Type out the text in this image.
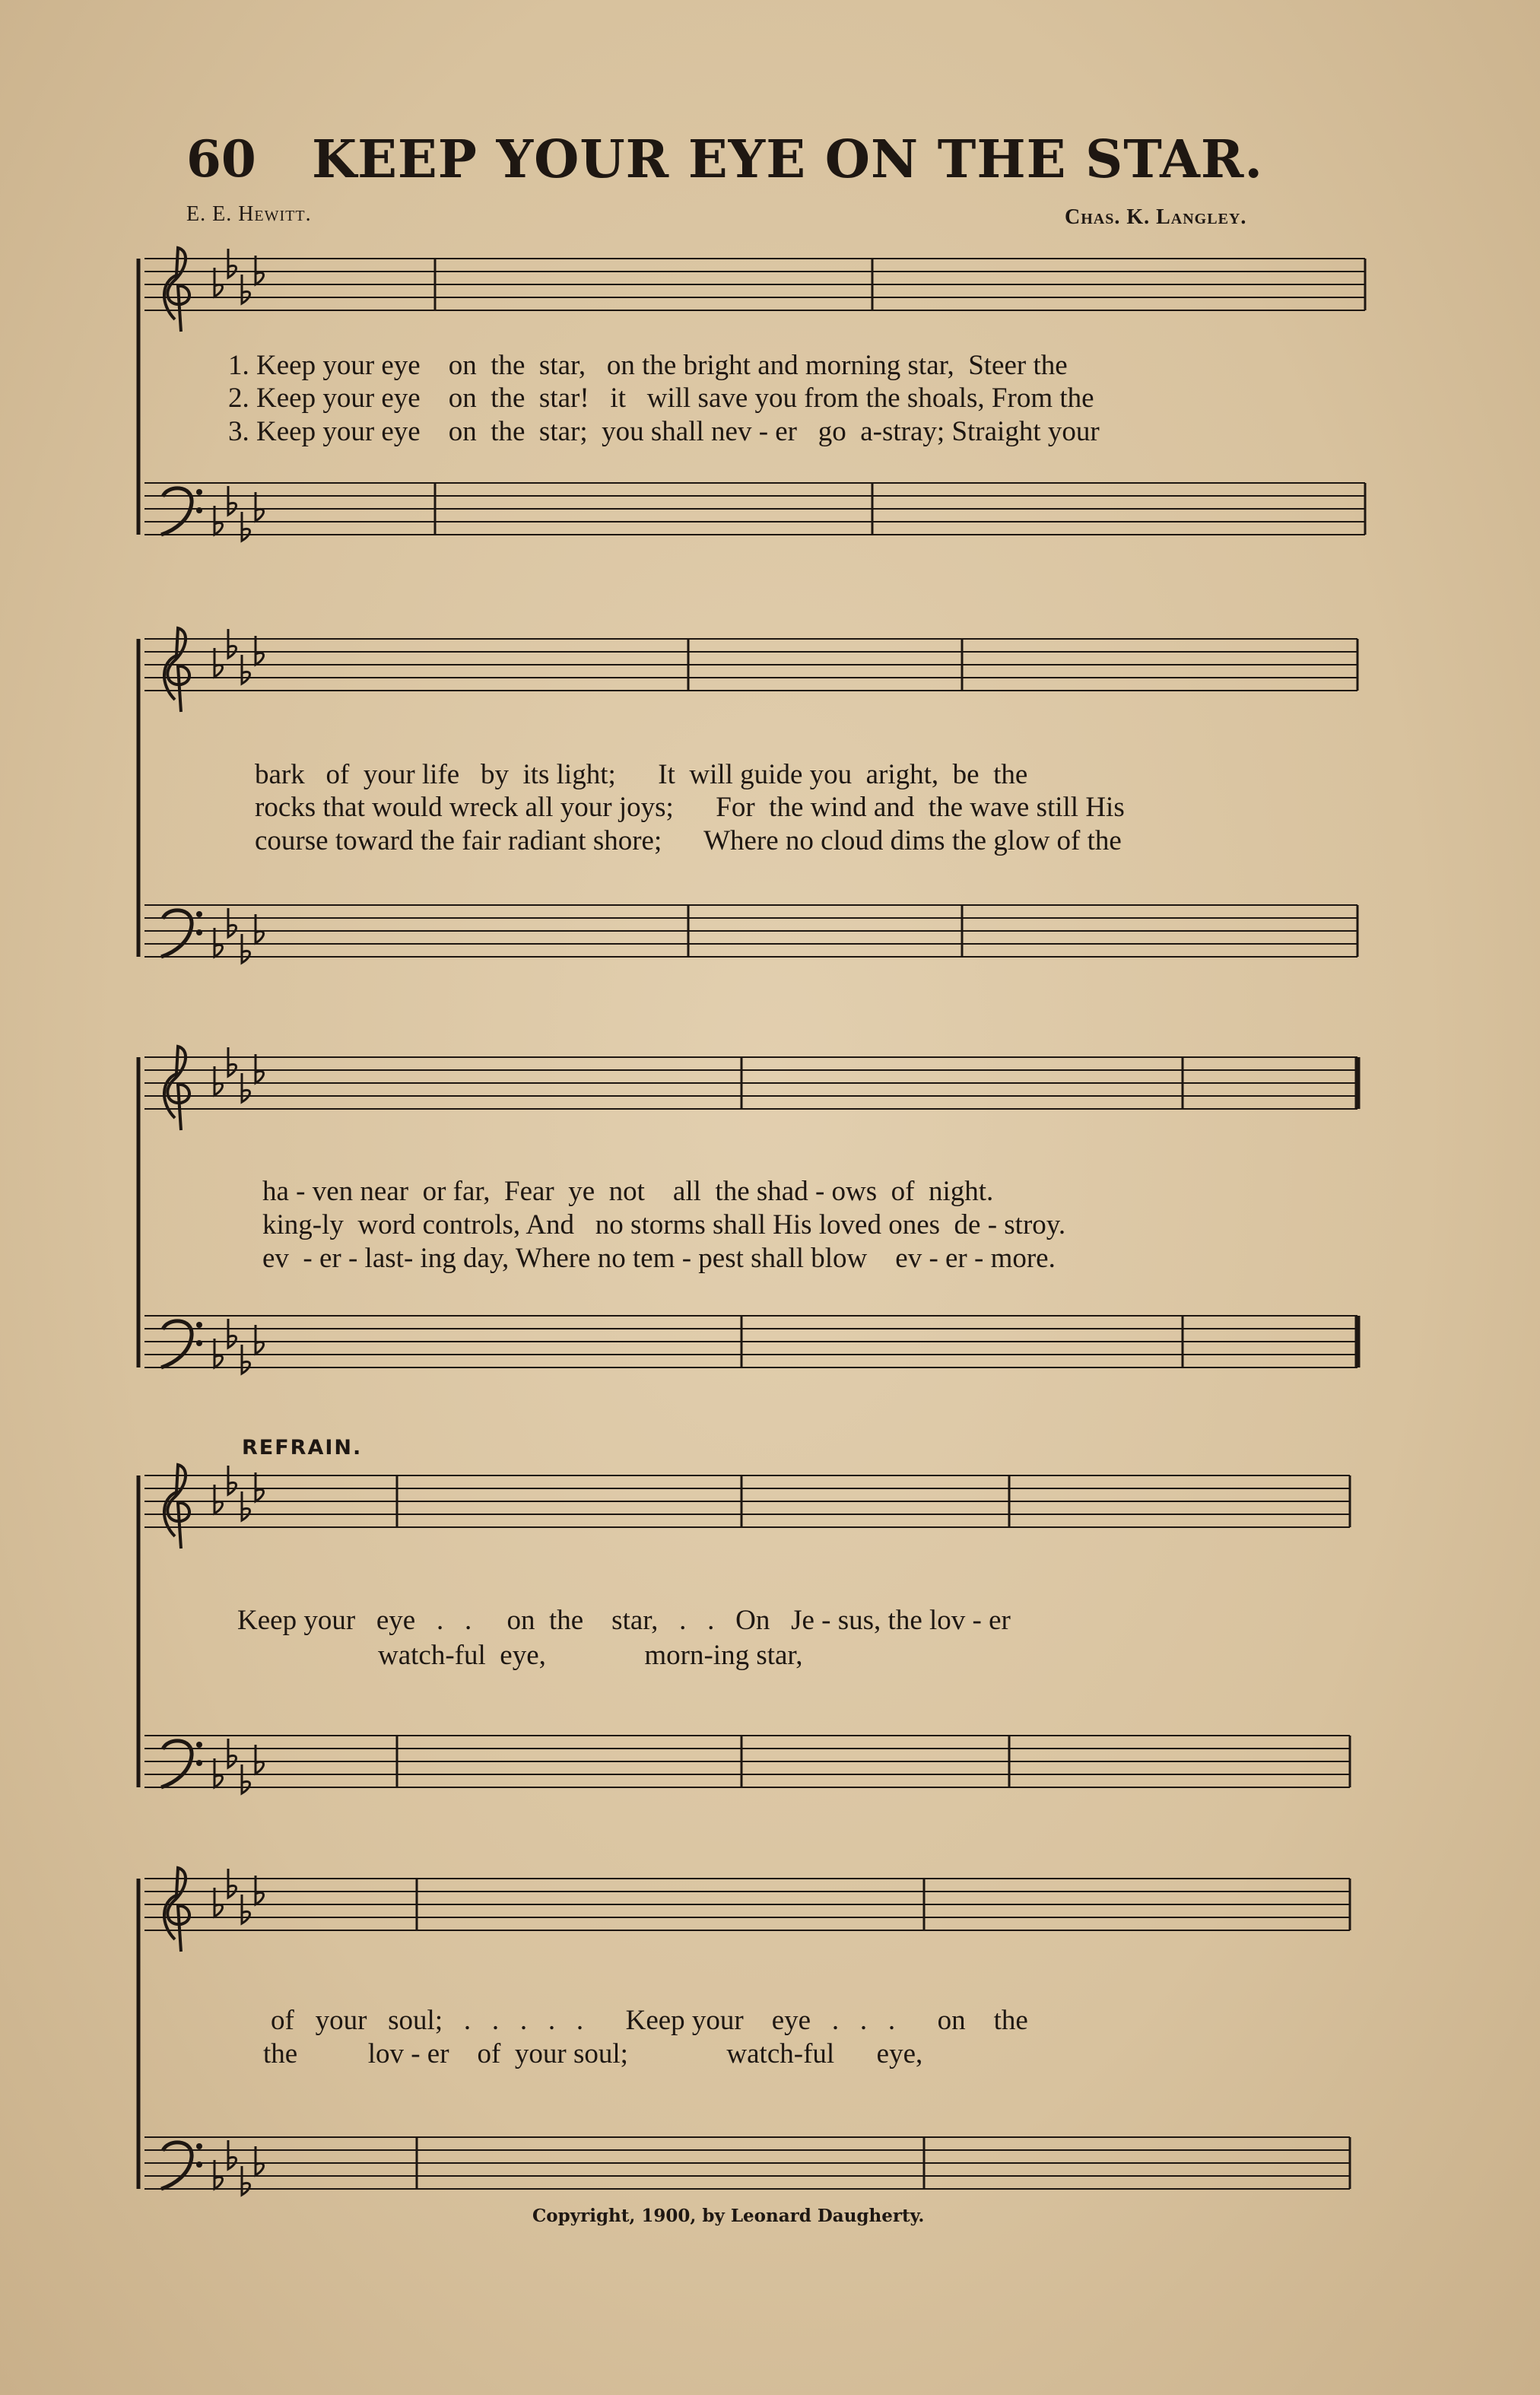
60 KEEP YOUR EYE ON THE STAR.
E. E. Hewitt.	Chas. K. Langley.
1. Keep your eye    on  the  star,   on the bright and morning star,  Steer the
2. Keep your eye    on  the  star!   it   will save you from the shoals, From the
3. Keep your eye    on  the  star;  you shall nev - er   go  a-stray; Straight your
bark   of  your life   by  its light;      It  will guide you  aright,  be  the
rocks that would wreck all your joys;      For  the wind and  the wave still His
course toward the fair radiant shore;      Where no cloud dims the glow of the
ha - ven near  or far,  Fear  ye  not    all  the shad - ows  of  night.
king-ly  word controls, And   no storms shall His loved ones  de - stroy.
ev  - er - last- ing day, Where no tem - pest shall blow    ev - er - more.
REFRAIN.
Keep your   eye   .   .     on  the    star,   .   .   On   Je - sus, the lov - er
watch-ful  eye,              morn-ing star,
of   your   soul;   .   .   .   .   .      Keep your    eye   .   .   .      on    the
the          lov - er    of  your soul;              watch-ful      eye,
Copyright, 1900, by Leonard Daugherty.
